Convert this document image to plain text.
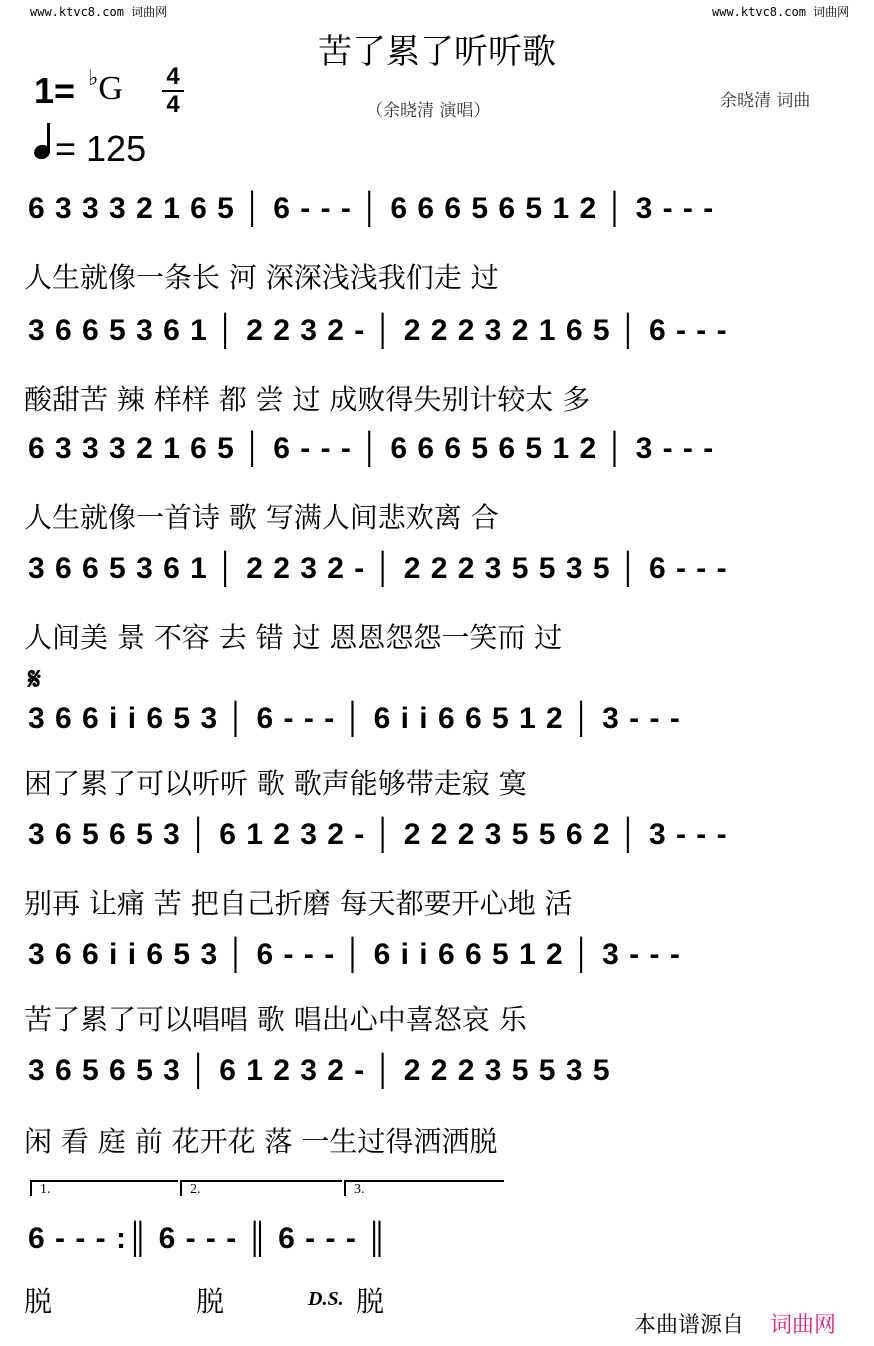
www.ktvc8.com 词曲网	www.ktvc8.com 词曲网
苦了累了听听歌
1= ♭G 4
4	（余晓清 演唱）	余晓清 词曲
= 125
6 3 3 3 2 1 6 5 │ 6 - - - │ 6 6 6 5 6 5 1 2 │ 3 - - -
人生就像一条长 河 深深浅浅我们走 过
3 6 6 5 3 6 1 │ 2 2 3 2 - │ 2 2 2 3 2 1 6 5 │ 6 - - -
酸甜苦 辣 样样 都 尝 过 成败得失别计较太 多
6 3 3 3 2 1 6 5 │ 6 - - - │ 6 6 6 5 6 5 1 2 │ 3 - - -
人生就像一首诗 歌 写满人间悲欢离 合
3 6 6 5 3 6 1 │ 2 2 3 2 - │ 2 2 2 3 5 5 3 5 │ 6 - - -
人间美 景 不容 去 错 过 恩恩怨怨一笑而 过
𝄋
3 6 6 i i 6 5 3 │ 6 - - - │ 6 i i 6 6 5 1 2 │ 3 - - -
困了累了可以听听 歌 歌声能够带走寂 寞
3 6 5 6 5 3 │ 6 1 2 3 2 - │ 2 2 2 3 5 5 6 2 │ 3 - - -
别再 让痛 苦 把自己折磨 每天都要开心地 活
3 6 6 i i 6 5 3 │ 6 - - - │ 6 i i 6 6 5 1 2 │ 3 - - -
苦了累了可以唱唱 歌 唱出心中喜怒哀 乐
3 6 5 6 5 3 │ 6 1 2 3 2 - │ 2 2 2 3 5 5 3 5
闲 看 庭 前 花开花 落 一生过得洒洒脱
1.	2.	3.
6 - - - :║ 6 - - - ║ 6 - - - ║
脱	脱	D.S. 脱
本曲谱源自 词曲网
